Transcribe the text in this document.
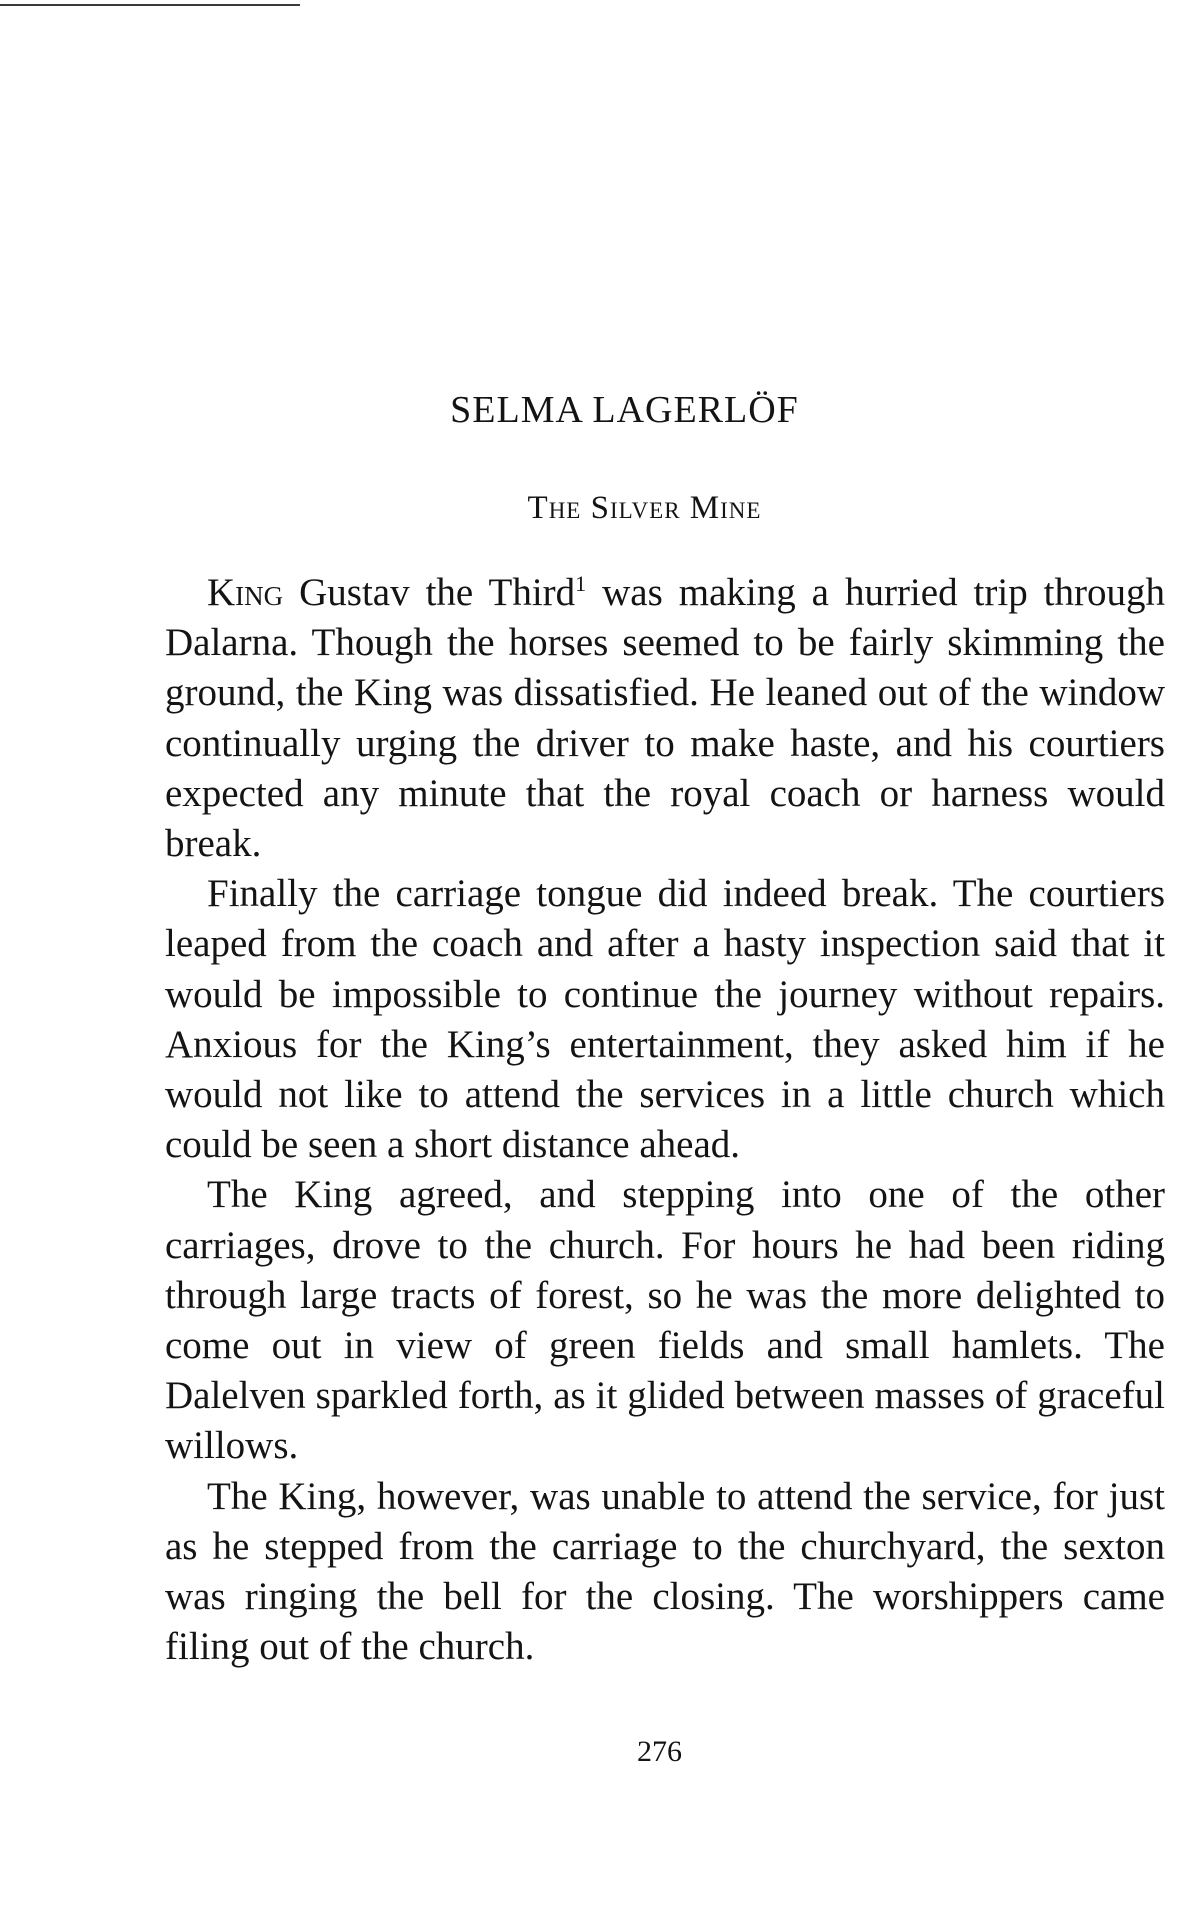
SELMA LAGERLÖF
The Silver Mine

King Gustav the Third$^1$ was making a hurried trip through Dalarna. Though the horses seemed to be fairly skimming the ground, the King was dissatisfied. He leaned out of the window continually urging the driver to make haste, and his courtiers expected any minute that the royal coach or harness would break.

Finally the carriage tongue did indeed break. The courtiers leaped from the coach and after a hasty inspection said that it would be impossible to continue the journey without repairs. Anxious for the King’s entertainment, they asked him if he would not like to attend the services in a little church which could be seen a short distance ahead.

The King agreed, and stepping into one of the other carriages, drove to the church. For hours he had been riding through large tracts of forest, so he was the more delighted to come out in view of green fields and small hamlets. The Dalelven sparkled forth, as it glided between masses of graceful willows.

The King, however, was unable to attend the service, for just as he stepped from the carriage to the churchyard, the sexton was ringing the bell for the closing. The worshippers came filing out of the church.

276
